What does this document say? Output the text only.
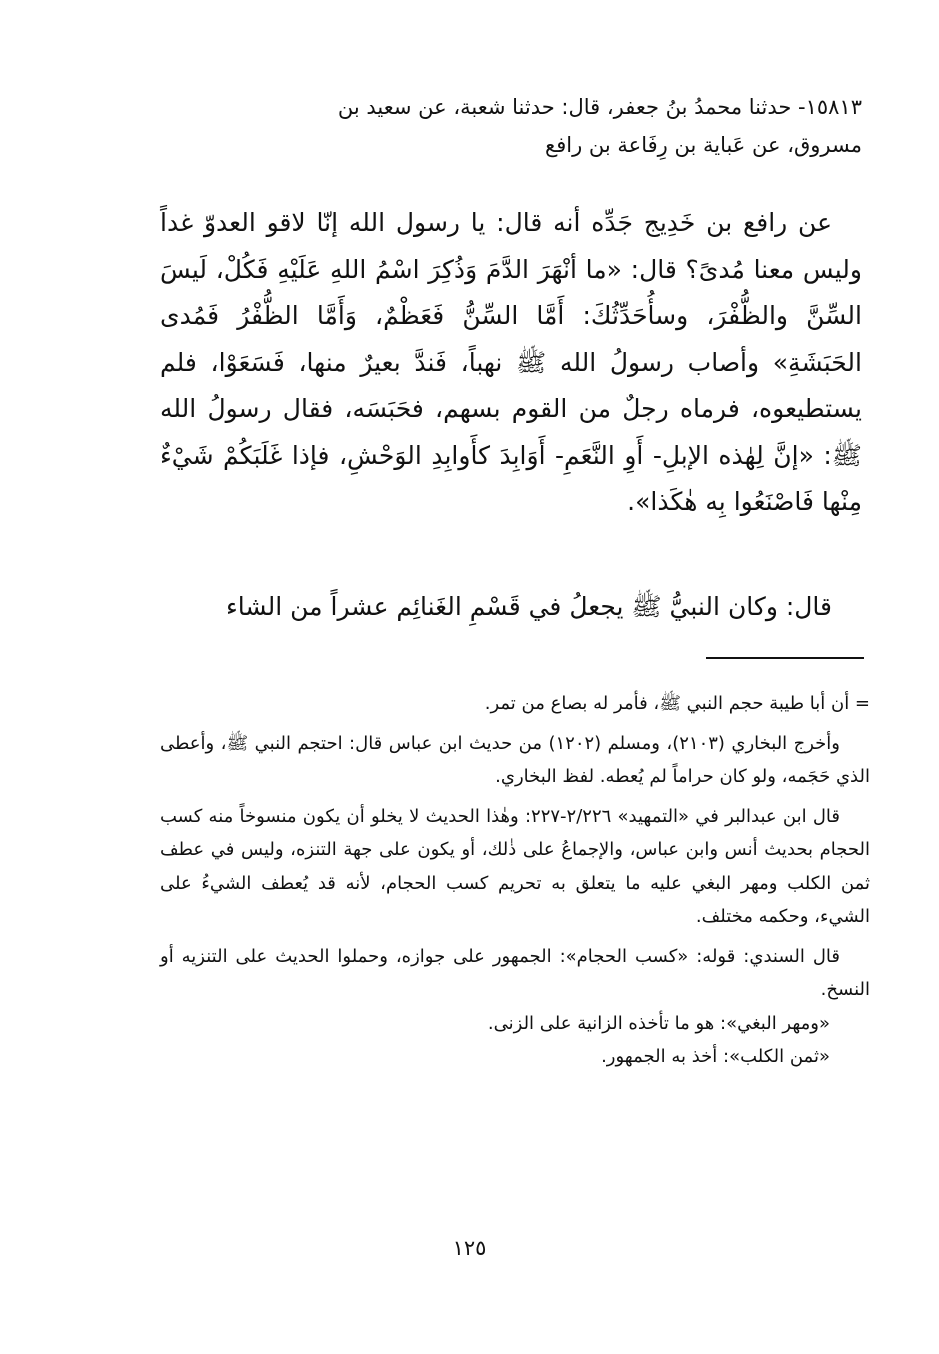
١٥٨١٣- حدثنا محمدُ بنُ جعفر، قال: حدثنا شعبة، عن سعيد بن

مسروق، عن عَباية بن رِفَاعة بن رافع

عن رافع بن خَدِيج جَدِّه أنه قال: يا رسول الله إنّا لاقو العدوّ غداً وليس معنا مُدىً؟ قال: «ما أنْهَرَ الدَّمَ وَذُكِرَ اسْمُ اللهِ عَلَيْهِ فَكُلْ، لَيسَ السِّنَّ والظُّفْرَ، وسأُحَدِّثُكَ: أَمَّا السِّنُّ فَعَظْمٌ، وَأَمَّا الظُّفْرُ فَمُدى الحَبَشَةِ» وأصاب رسولُ الله ﷺ نهباً، فَندَّ بعيرٌ منها، فَسَعَوْا، فلم يستطيعوه، فرماه رجلٌ من القوم بسهم، فحَبَسَه، فقال رسولُ الله ﷺ: «إنَّ لِهٰذه الإبلِ- أَوِ النَّعَمِ- أَوَابِدَ كأَوابِدِ الوَحْشِ، فإذا غَلَبَكُمْ شَيْءٌ مِنْها فَاصْنَعُوا بِه هٰكَذا».

قال: وكان النبيُّ ﷺ يجعلُ في قَسْمِ الغَنائِم عشراً من الشاء

= أن أبا طيبة حجم النبي ﷺ، فأمر له بصاع من تمر.

وأخرج البخاري (٢١٠٣)، ومسلم (١٢٠٢) من حديث ابن عباس قال: احتجم النبي ﷺ، وأعطى الذي حَجَمه، ولو كان حراماً لم يُعطه. لفظ البخاري.

قال ابن عبدالبر في «التمهيد» ٢/٢٢٦-٢٢٧: وهٰذا الحديث لا يخلو أن يكون منسوخاً منه كسب الحجام بحديث أنس وابن عباس، والإجماعُ على ذٰلك، أو يكون على جهة التنزه، وليس في عطف ثمن الكلب ومهر البغي عليه ما يتعلق به تحريم كسب الحجام، لأنه قد يُعطف الشيءُ على الشيء، وحكمه مختلف.

قال السندي: قوله: «كسب الحجام»: الجمهور على جوازه، وحملوا الحديث على التنزيه أو النسخ.

«ومهر البغي»: هو ما تأخذه الزانية على الزنى.

«ثمن الكلب»: أخذ به الجمهور.

١٢٥
